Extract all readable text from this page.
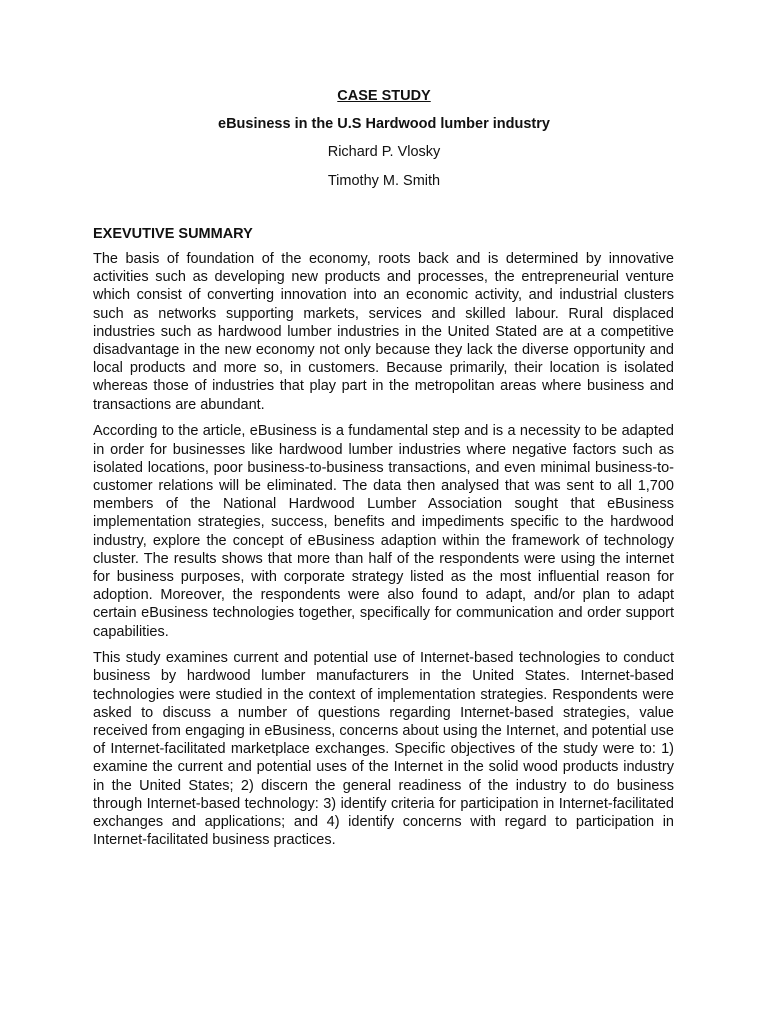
CASE STUDY
eBusiness in the U.S Hardwood lumber industry
Richard P. Vlosky
Timothy M. Smith
EXEVUTIVE SUMMARY

The basis of foundation of the economy, roots back and is determined by innovative activities such as developing new products and processes, the entrepreneurial venture which consist of converting innovation into an economic activity, and industrial clusters such as networks supporting markets, services and skilled labour. Rural displaced industries such as hardwood lumber industries in the United Stated are at a competitive disadvantage in the new economy not only because they lack the diverse opportunity and local products and more so, in customers. Because primarily, their location is isolated whereas those of industries that play part in the metropolitan areas where business and transactions are abundant.

According to the article, eBusiness is a fundamental step and is a necessity to be adapted in order for businesses like hardwood lumber industries where negative factors such as isolated locations, poor business-to-business transactions, and even minimal business-to-customer relations will be eliminated. The data then analysed that was sent to all 1,700 members of the National Hardwood Lumber Association sought that eBusiness implementation strategies, success, benefits and impediments specific to the hardwood industry, explore the concept of eBusiness adaption within the framework of technology cluster. The results shows that more than half of the respondents were using the internet for business purposes, with corporate strategy listed as the most influential reason for adoption. Moreover, the respondents were also found to adapt, and/or plan to adapt certain eBusiness technologies together, specifically for communication and order support capabilities.

This study examines current and potential use of Internet-based technologies to conduct business by hardwood lumber manufacturers in the United States. Internet-based technologies were studied in the context of implementation strategies. Respondents were asked to discuss a number of questions regarding Internet-based strategies, value received from engaging in eBusiness, concerns about using the Internet, and potential use of Internet-facilitated marketplace exchanges. Specific objectives of the study were to: 1) examine the current and potential uses of the Internet in the solid wood products industry in the United States; 2) discern the general readiness of the industry to do business through Internet-based technology: 3) identify criteria for participation in Internet-facilitated exchanges and applications; and 4) identify concerns with regard to participation in Internet-facilitated business practices.
